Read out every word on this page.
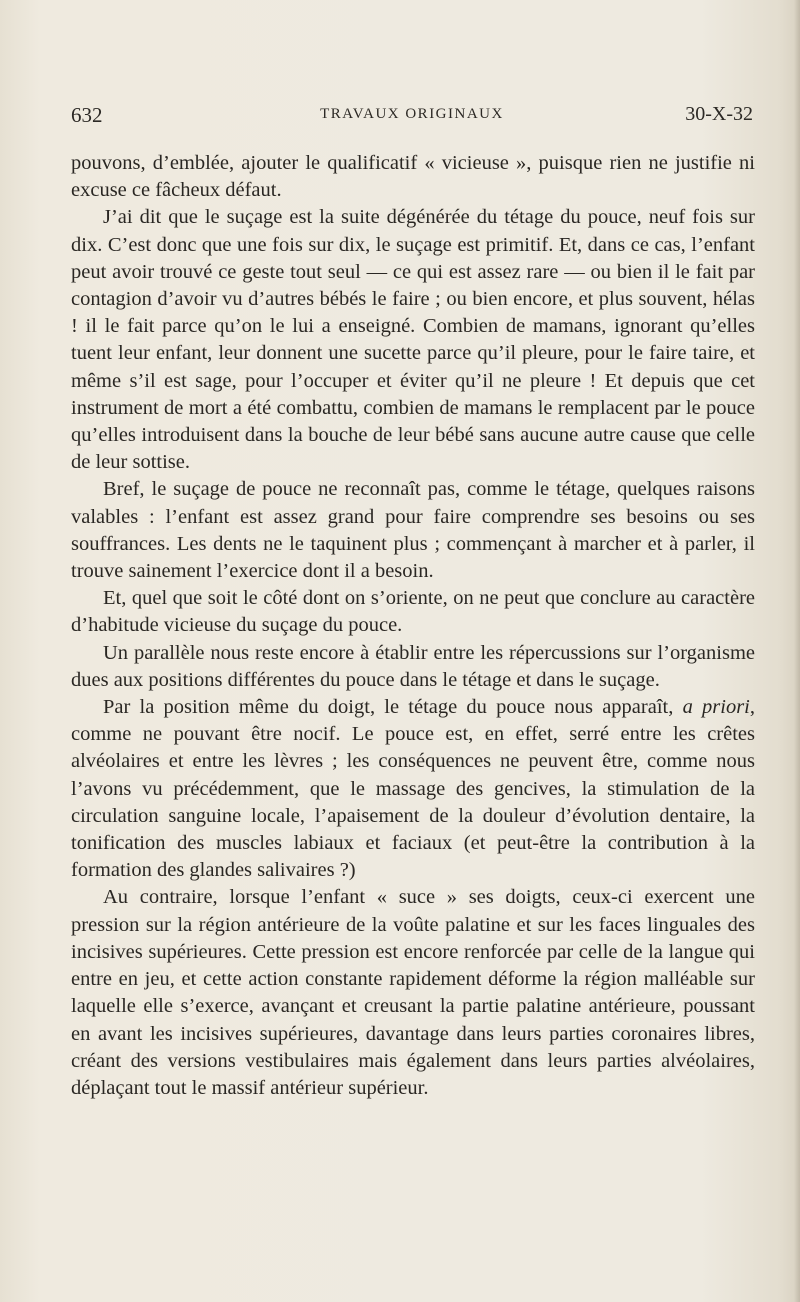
632	TRAVAUX ORIGINAUX	30-X-32

pouvons, d’emblée, ajouter le qualificatif « vicieuse », puisque rien ne justifie ni excuse ce fâcheux défaut.

J’ai dit que le suçage est la suite dégénérée du tétage du pouce, neuf fois sur dix. C’est donc que une fois sur dix, le suçage est primitif. Et, dans ce cas, l’enfant peut avoir trouvé ce geste tout seul — ce qui est assez rare — ou bien il le fait par contagion d’avoir vu d’autres bébés le faire ; ou bien encore, et plus souvent, hélas ! il le fait parce qu’on le lui a enseigné. Combien de mamans, ignorant qu’elles tuent leur enfant, leur donnent une sucette parce qu’il pleure, pour le faire taire, et même s’il est sage, pour l’occuper et éviter qu’il ne pleure ! Et depuis que cet instrument de mort a été combattu, combien de mamans le remplacent par le pouce qu’elles introduisent dans la bouche de leur bébé sans aucune autre cause que celle de leur sottise.

Bref, le suçage de pouce ne reconnaît pas, comme le tétage, quelques raisons valables : l’enfant est assez grand pour faire comprendre ses besoins ou ses souffrances. Les dents ne le taquinent plus ; commençant à marcher et à parler, il trouve sainement l’exercice dont il a besoin.

Et, quel que soit le côté dont on s’oriente, on ne peut que conclure au caractère d’habitude vicieuse du suçage du pouce.

Un parallèle nous reste encore à établir entre les répercussions sur l’organisme dues aux positions différentes du pouce dans le tétage et dans le suçage.

Par la position même du doigt, le tétage du pouce nous apparaît, a priori, comme ne pouvant être nocif. Le pouce est, en effet, serré entre les crêtes alvéolaires et entre les lèvres ; les conséquences ne peuvent être, comme nous l’avons vu précédemment, que le massage des gencives, la stimulation de la circulation sanguine locale, l’apaisement de la douleur d’évolution dentaire, la tonification des muscles labiaux et faciaux (et peut-être la contribution à la formation des glandes salivaires ?)

Au contraire, lorsque l’enfant « suce » ses doigts, ceux-ci exercent une pression sur la région antérieure de la voûte palatine et sur les faces linguales des incisives supérieures. Cette pression est encore renforcée par celle de la langue qui entre en jeu, et cette action constante rapidement déforme la région malléable sur laquelle elle s’exerce, avançant et creusant la partie palatine antérieure, poussant en avant les incisives supérieures, davantage dans leurs parties coronaires libres, créant des versions vestibulaires mais également dans leurs parties alvéolaires, déplaçant tout le massif antérieur supérieur.
